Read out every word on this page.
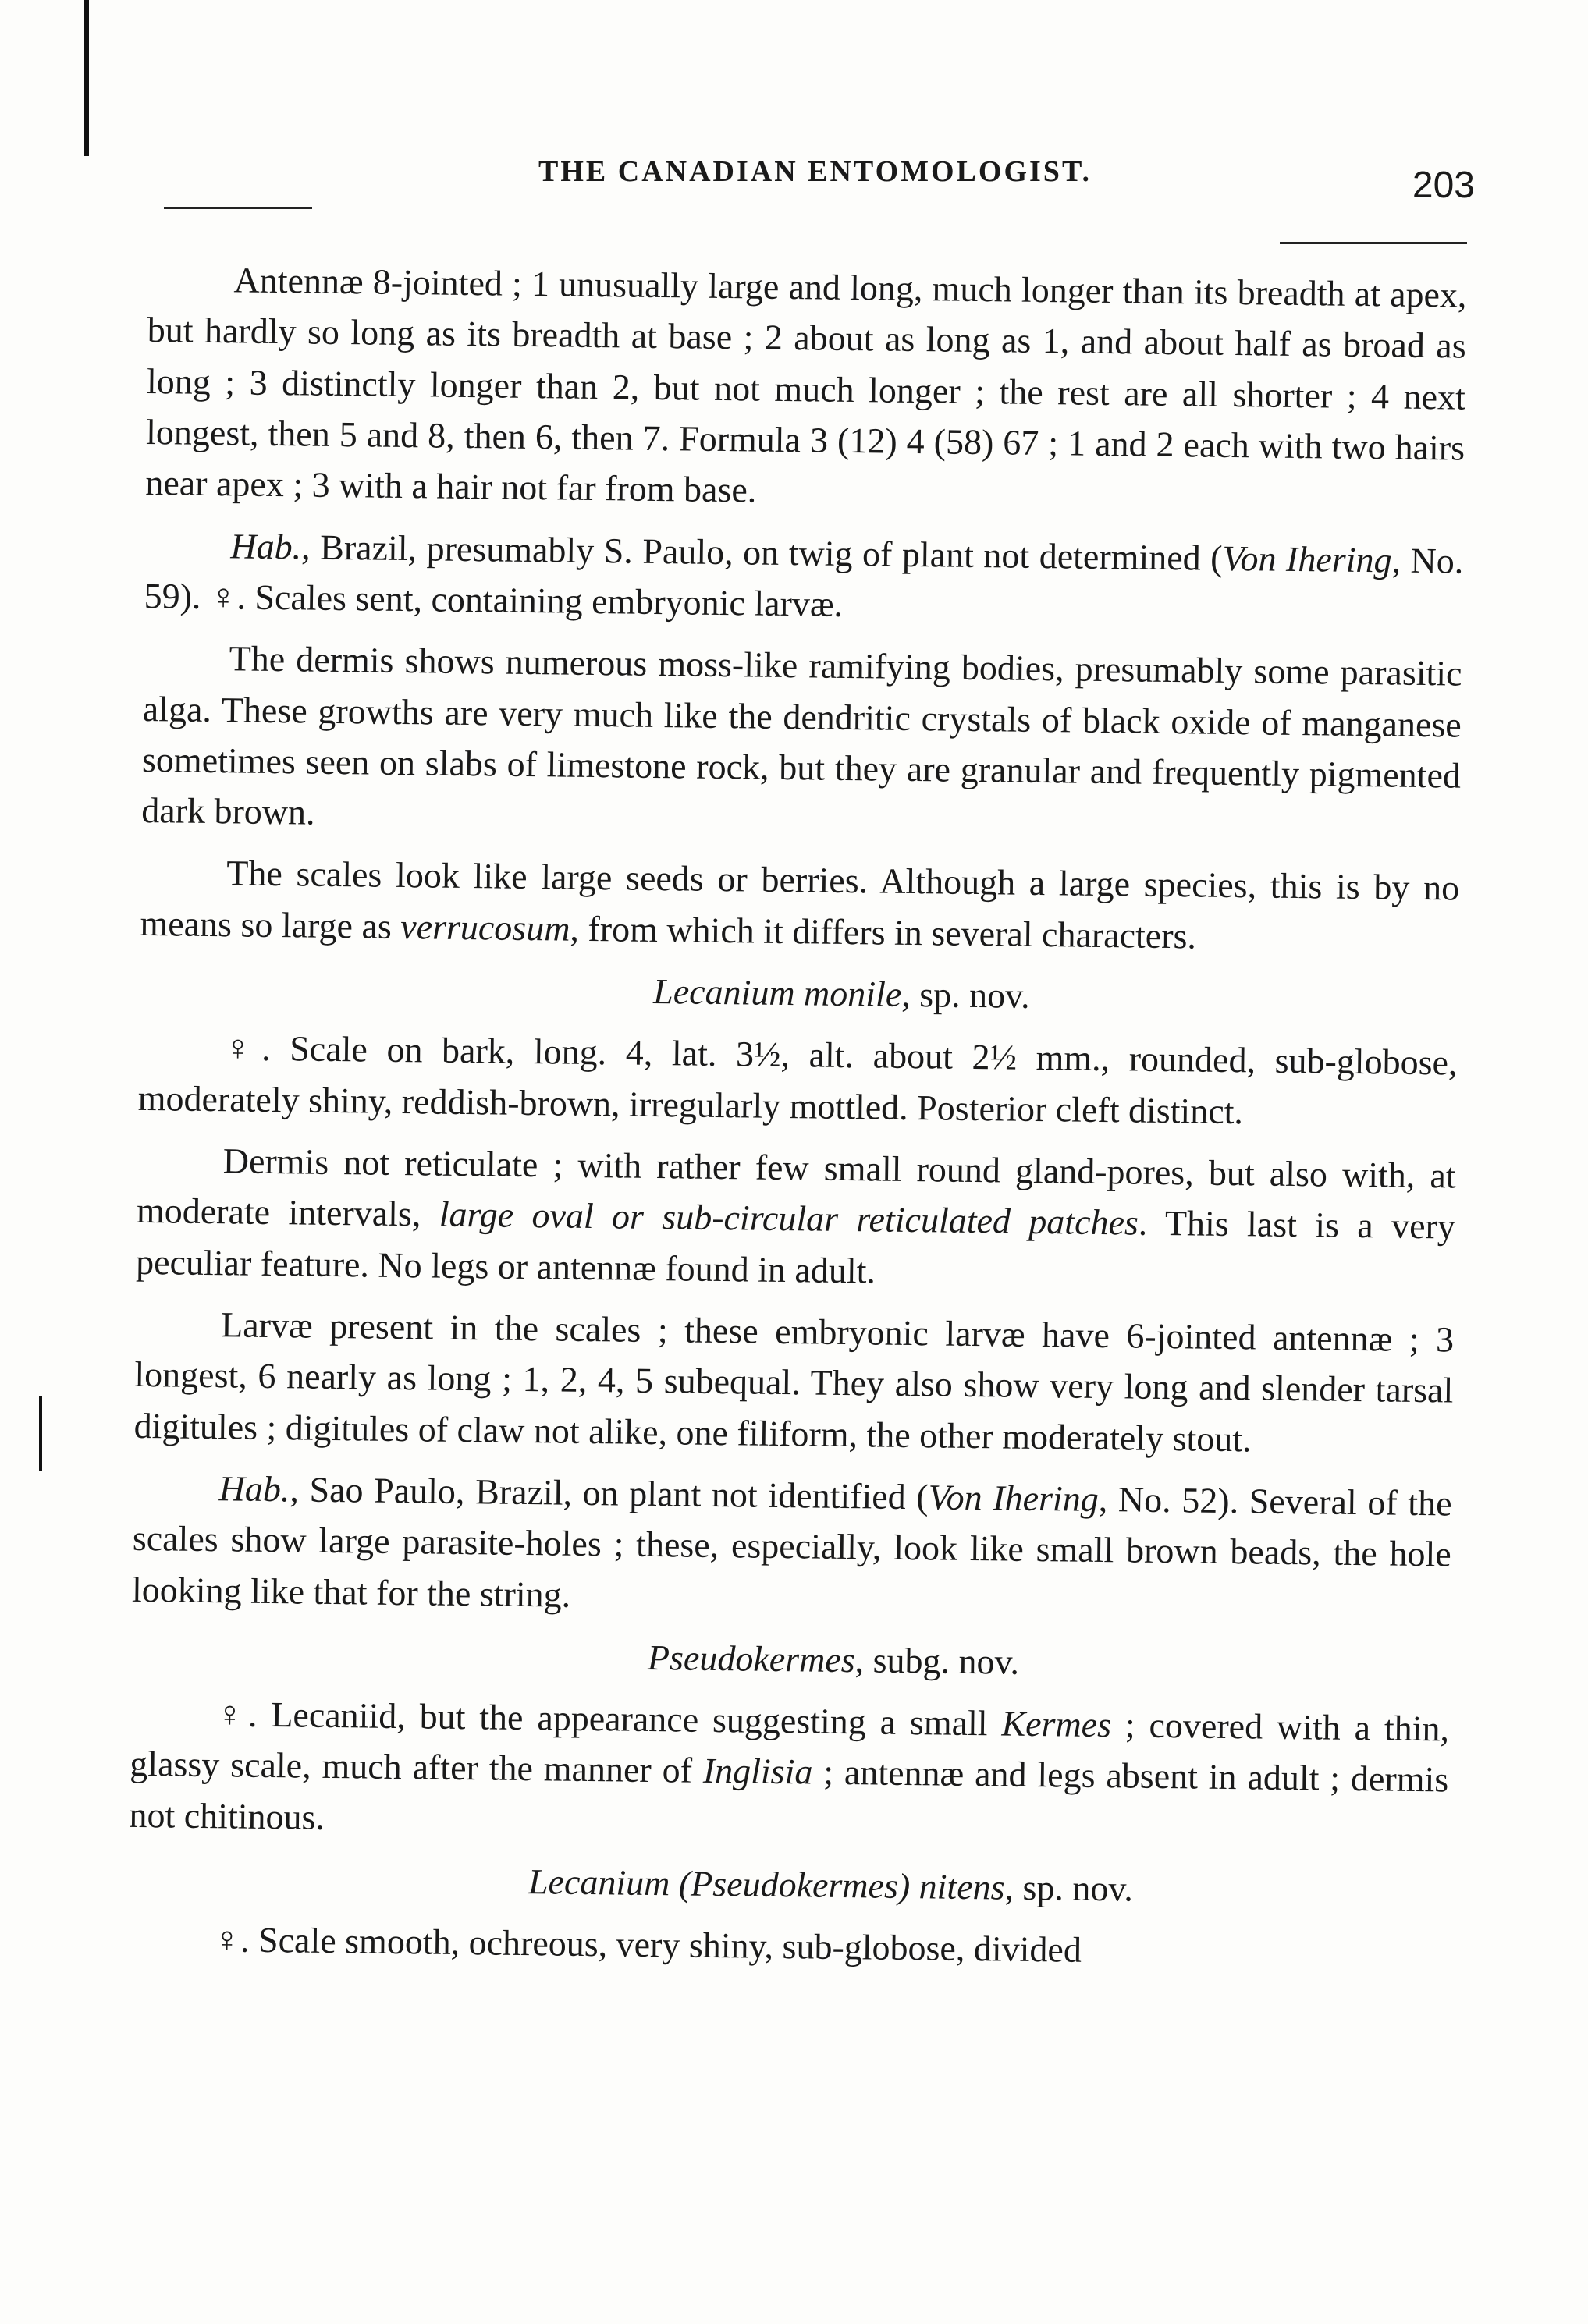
THE CANADIAN ENTOMOLOGIST.	203

Antennæ 8-jointed ; 1 unusually large and long, much longer than its breadth at apex, but hardly so long as its breadth at base ; 2 about as long as 1, and about half as broad as long ; 3 distinctly longer than 2, but not much longer ; the rest are all shorter ; 4 next longest, then 5 and 8, then 6, then 7. Formula 3 (12) 4 (58) 67 ; 1 and 2 each with two hairs near apex ; 3 with a hair not far from base.

Hab., Brazil, presumably S. Paulo, on twig of plant not determined (Von Ihering, No. 59). ♀. Scales sent, containing embryonic larvæ.

The dermis shows numerous moss-like ramifying bodies, presumably some parasitic alga. These growths are very much like the dendritic crystals of black oxide of manganese sometimes seen on slabs of limestone rock, but they are granular and frequently pigmented dark brown.

The scales look like large seeds or berries. Although a large species, this is by no means so large as verrucosum, from which it differs in several characters.

Lecanium monile, sp. nov.

♀. Scale on bark, long. 4, lat. 3½, alt. about 2½ mm., rounded, sub-globose, moderately shiny, reddish-brown, irregularly mottled. Posterior cleft distinct.

Dermis not reticulate ; with rather few small round gland-pores, but also with, at moderate intervals, large oval or sub-circular reticulated patches. This last is a very peculiar feature. No legs or antennæ found in adult.

Larvæ present in the scales ; these embryonic larvæ have 6-jointed antennæ ; 3 longest, 6 nearly as long ; 1, 2, 4, 5 subequal. They also show very long and slender tarsal digitules ; digitules of claw not alike, one filiform, the other moderately stout.

Hab., Sao Paulo, Brazil, on plant not identified (Von Ihering, No. 52). Several of the scales show large parasite-holes ; these, especially, look like small brown beads, the hole looking like that for the string.

Pseudokermes, subg. nov.

♀. Lecaniid, but the appearance suggesting a small Kermes ; covered with a thin, glassy scale, much after the manner of Inglisia ; antennæ and legs absent in adult ; dermis not chitinous.

Lecanium (Pseudokermes) nitens, sp. nov.

♀. Scale smooth, ochreous, very shiny, sub-globose, divided
